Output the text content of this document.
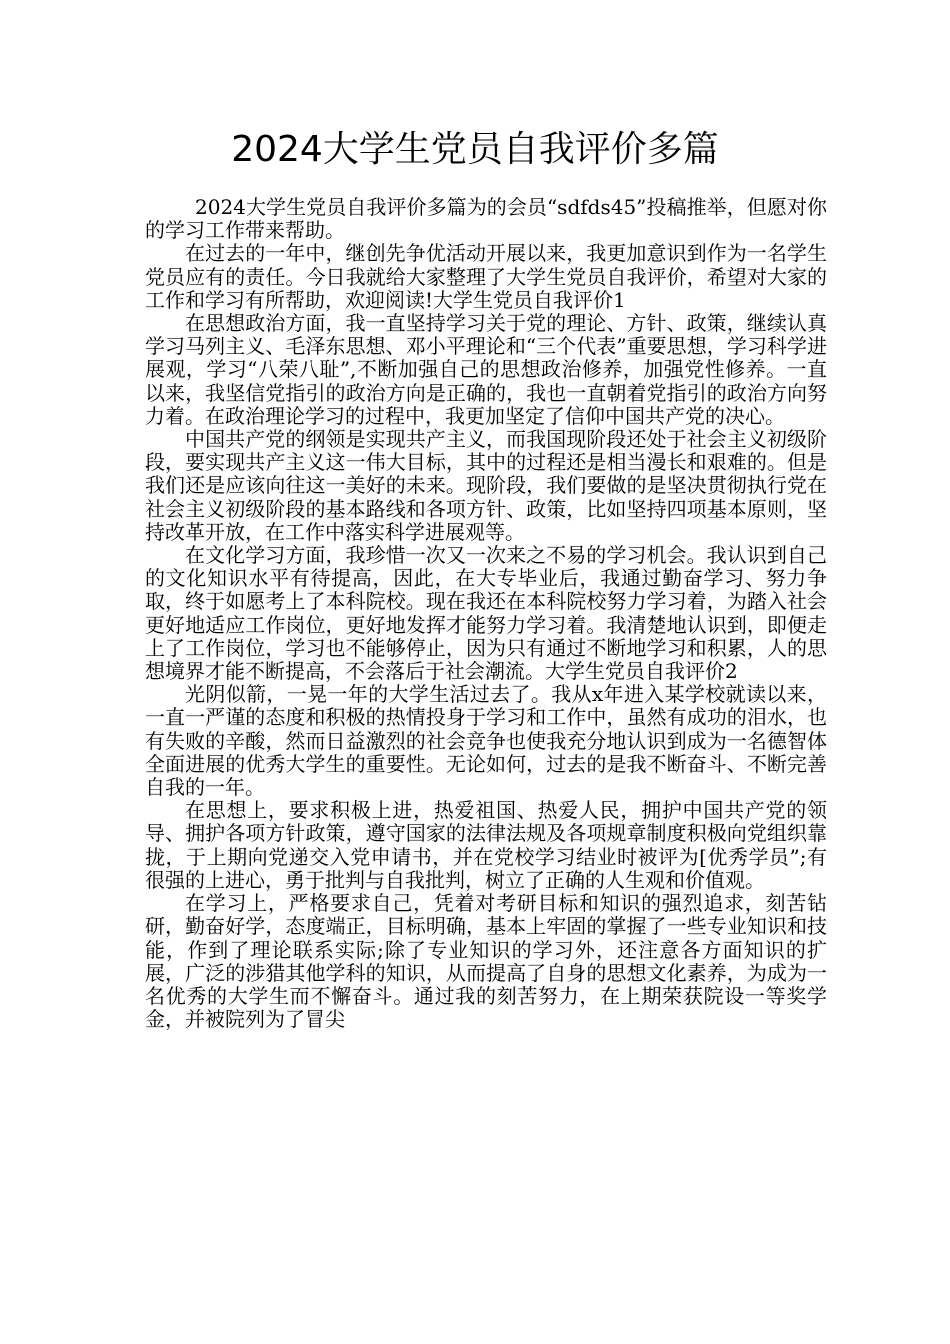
2024大学生党员自我评价多篇

2024大学生党员自我评价多篇为的会员“sdfds45”投稿推举，但愿对你的学习工作带来帮助。

在过去的一年中，继创先争优活动开展以来，我更加意识到作为一名学生党员应有的责任。今日我就给大家整理了大学生党员自我评价，希望对大家的工作和学习有所帮助，欢迎阅读!大学生党员自我评价1

在思想政治方面，我一直坚持学习关于党的理论、方针、政策，继续认真学习马列主义、毛泽东思想、邓小平理论和“三个代表”重要思想，学习科学进展观，学习“八荣八耻”,不断加强自己的思想政治修养，加强党性修养。一直以来，我坚信党指引的政治方向是正确的，我也一直朝着党指引的政治方向努力着。在政治理论学习的过程中，我更加坚定了信仰中国共产党的决心。

中国共产党的纲领是实现共产主义，而我国现阶段还处于社会主义初级阶段，要实现共产主义这一伟大目标，其中的过程还是相当漫长和艰难的。但是我们还是应该向往这一美好的未来。现阶段，我们要做的是坚决贯彻执行党在社会主义初级阶段的基本路线和各项方针、政策，比如坚持四项基本原则，坚持改革开放，在工作中落实科学进展观等。

在文化学习方面，我珍惜一次又一次来之不易的学习机会。我认识到自己的文化知识水平有待提高，因此，在大专毕业后，我通过勤奋学习、努力争取，终于如愿考上了本科院校。现在我还在本科院校努力学习着，为踏入社会更好地适应工作岗位，更好地发挥才能努力学习着。我清楚地认识到，即便走上了工作岗位，学习也不能够停止，因为只有通过不断地学习和积累，人的思想境界才能不断提高，不会落后于社会潮流。大学生党员自我评价2

光阴似箭，一晃一年的大学生活过去了。我从x年进入某学校就读以来，一直一严谨的态度和积极的热情投身于学习和工作中，虽然有成功的泪水，也有失败的辛酸，然而日益激烈的社会竞争也使我充分地认识到成为一名德智体全面进展的优秀大学生的重要性。无论如何，过去的是我不断奋斗、不断完善自我的一年。

在思想上，要求积极上进，热爱祖国、热爱人民，拥护中国共产党的领导、拥护各项方针政策，遵守国家的法律法规及各项规章制度积极向党组织靠拢，于上期向党递交入党申请书，并在党校学习结业时被评为[优秀学员”;有很强的上进心，勇于批判与自我批判，树立了正确的人生观和价值观。

在学习上，严格要求自己，凭着对考研目标和知识的强烈追求，刻苦钻研，勤奋好学，态度端正，目标明确，基本上牢固的掌握了一些专业知识和技能，作到了理论联系实际;除了专业知识的学习外，还注意各方面知识的扩展，广泛的涉猎其他学科的知识，从而提高了自身的思想文化素养，为成为一名优秀的大学生而不懈奋斗。通过我的刻苦努力，在上期荣获院设一等奖学金，并被院列为了冒尖
